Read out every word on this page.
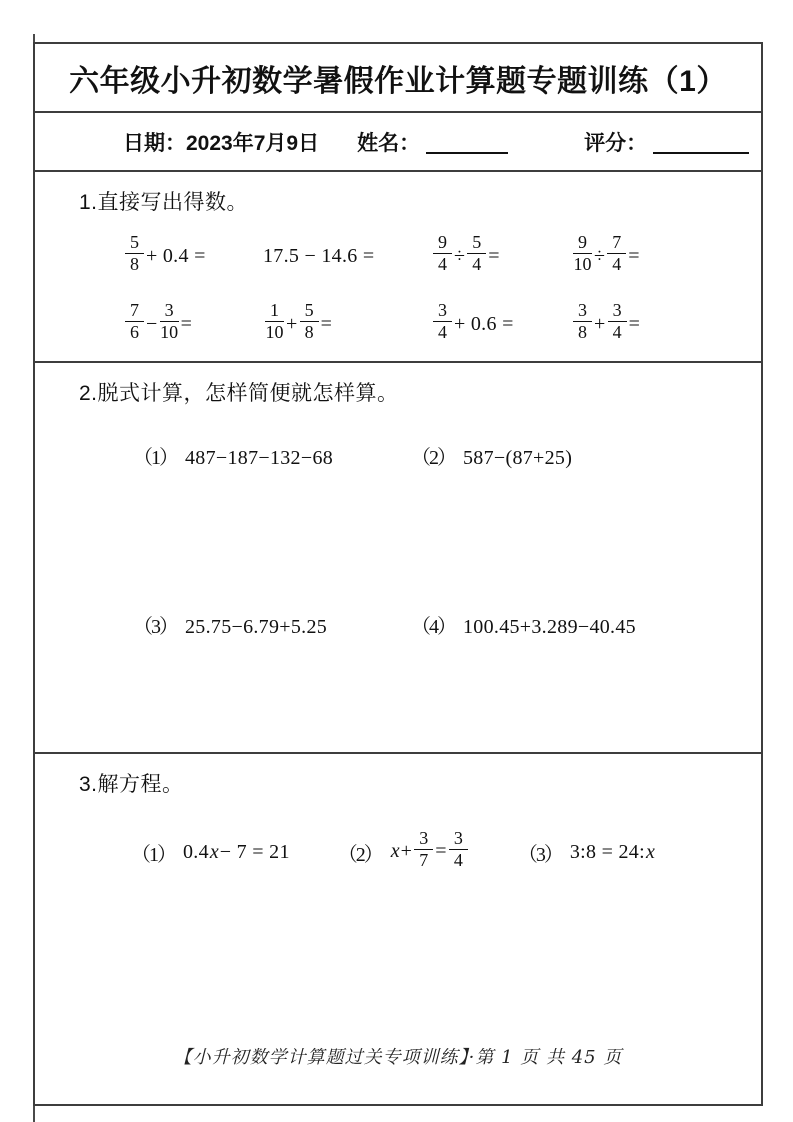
六年级小升初数学暑假作业计算题专题训练（1）
日期：2023年7月9日 姓名：	评分：
1.直接写出得数。
$\frac{5}{8} + 0.4$ =	17.5 − 14.6 =	$\frac{9}{4} \div \frac{5}{4}$ =	$\frac{9}{10} \div \frac{7}{4}$ =
$\frac{7}{6} - \frac{3}{10}$ =	$\frac{1}{10} + \frac{5}{8}$ =	$\frac{3}{4} + 0.6$ =	$\frac{3}{8} + \frac{3}{4}$ =
2.脱式计算，怎样简便就怎样算。
（1） 487−187−132−68	（2） 587−(87+25)
（3） 25.75−6.79+5.25	（4） 100.45+3.289−40.45
3.解方程。
（1） 0.4x− 7 = 21 （2） $x+ \frac{3}{7} = \frac{3}{4}$	（3） 3:8 = 24:x
【小升初数学计算题过关专项训练】·第 1 页 共 45 页
